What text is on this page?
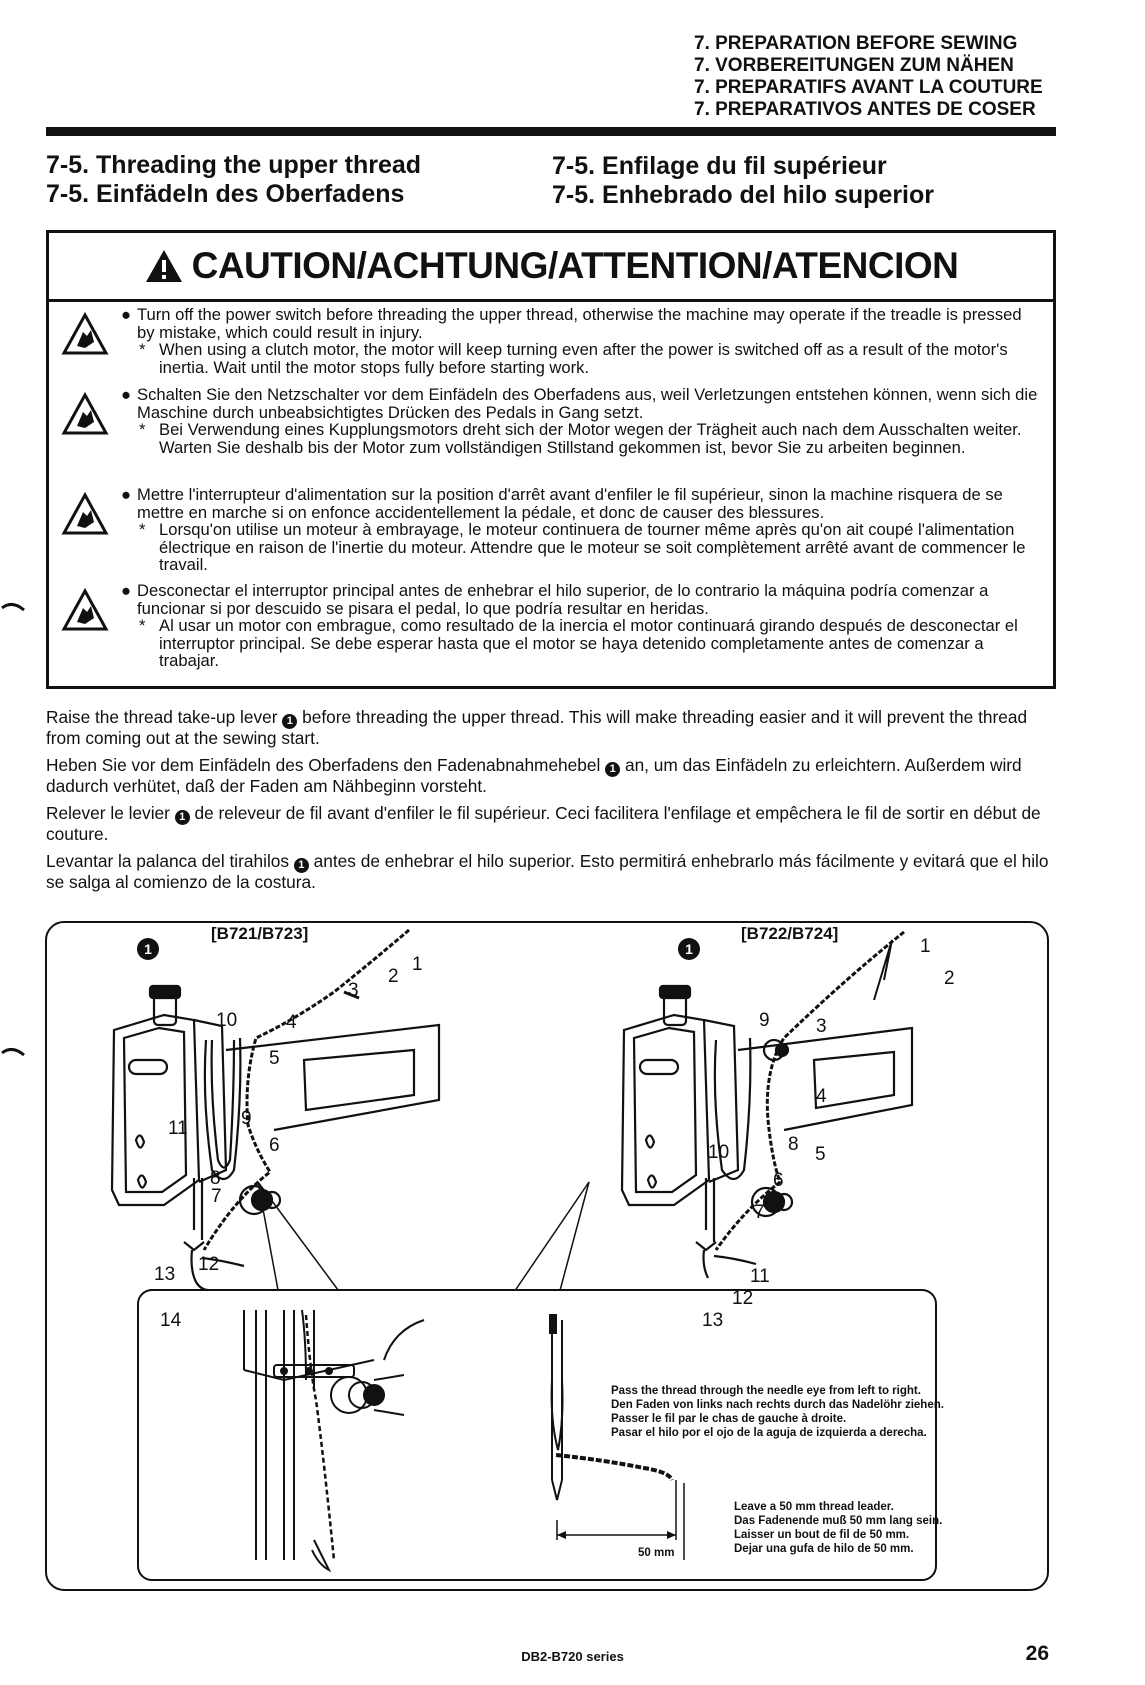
7. PREPARATION BEFORE SEWING
7. VORBEREITUNGEN ZUM NÄHEN
7. PREPARATIFS AVANT LA COUTURE
7. PREPARATIVOS ANTES DE COSER
7-5. Threading the upper thread
7-5. Einfädeln des Oberfadens
7-5. Enfilage du fil supérieur
7-5. Enhebrado del hilo superior
CAUTION/ACHTUNG/ATTENTION/ATENCION
● Turn off the power switch before threading the upper thread, otherwise the machine may operate if the treadle is pressed by mistake, which could result in injury.
* When using a clutch motor, the motor will keep turning even after the power is switched off as a result of the motor's inertia. Wait until the motor stops fully before starting work.
● Schalten Sie den Netzschalter vor dem Einfädeln des Oberfadens aus, weil Verletzungen entstehen können, wenn sich die Maschine durch unbeabsichtigtes Drücken des Pedals in Gang setzt.
* Bei Verwendung eines Kupplungsmotors dreht sich der Motor wegen der Trägheit auch nach dem Ausschalten weiter. Warten Sie deshalb bis der Motor zum vollständigen Stillstand gekommen ist, bevor Sie zu arbeiten beginnen.
● Mettre l'interrupteur d'alimentation sur la position d'arrêt avant d'enfiler le fil supérieur, sinon la machine risquera de se mettre en marche si on enfonce accidentellement la pédale, et donc de causer des blessures.
* Lorsqu'on utilise un moteur à embrayage, le moteur continuera de tourner même après qu'on ait coupé l'alimentation électrique en raison de l'inertie du moteur. Attendre que le moteur se soit complètement arrêté avant de commencer le travail.
● Desconectar el interruptor principal antes de enhebrar el hilo superior, de lo contrario la máquina podría comenzar a funcionar si por descuido se pisara el pedal, lo que podría resultar en heridas.
* Al usar un motor con embrague, como resultado de la inercia el motor continuará girando después de desconectar el interruptor principal. Se debe esperar hasta que el motor se haya detenido completamente antes de comenzar a trabajar.
Raise the thread take-up lever 1 before threading the upper thread. This will make threading easier and it will prevent the thread from coming out at the sewing start.
Heben Sie vor dem Einfädeln des Oberfadens den Fadenabnahmehebel 1 an, um das Einfädeln zu erleichtern. Außerdem wird dadurch verhütet, daß der Faden am Nähbeginn vorsteht.
Relever le levier 1 de releveur de fil avant d'enfiler le fil supérieur. Ceci facilitera l'enfilage et empêchera le fil de sortir en début de couture.
Levantar la palanca del tirahilos 1 antes de enhebrar el hilo superior. Esto permitirá enhebrarlo más fácilmente y evitará que el hilo se salga al comienzo de la costura.
[B721/B723]	[B722/B724]
1	1
1
2
3
4
5
6
7
8
9
10
11
12
13
14
1
2
3
4
5
6
7
8
9
10
11
12
13
Pass the thread through the needle eye from left to right.
Den Faden von links nach rechts durch das Nadelöhr ziehen.
Passer le fil par le chas de gauche à droite.
Pasar el hilo por el ojo de la aguja de izquierda a derecha.
Leave a 50 mm thread leader.
Das Fadenende muß 50 mm lang sein.
Laisser un bout de fil de 50 mm.
Dejar una gufa de hilo de 50 mm.
50 mm
DB2-B720 series	26
